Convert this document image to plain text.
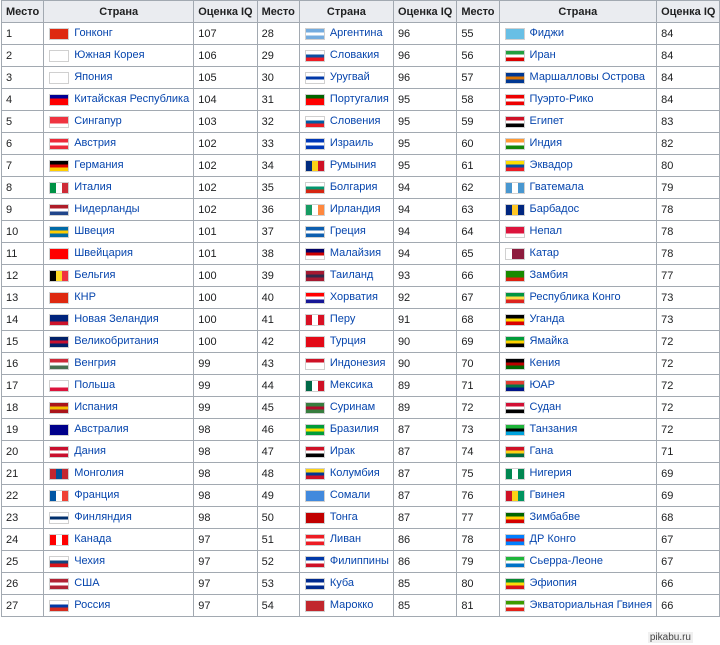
Место	Страна	Оценка IQ	Место	Страна	Оценка IQ	Место	Страна	Оценка IQ
1	Гонконг	107	28	Аргентина	96	55	Фиджи	84
2	Южная Корея	106	29	Словакия	96	56	Иран	84
3	Япония	105	30	Уругвай	96	57	Маршалловы Острова	84
4	Китайская Республика	104	31	Португалия	95	58	Пуэрто-Рико	84
5	Сингапур	103	32	Словения	95	59	Египет	83
6	Австрия	102	33	Израиль	95	60	Индия	82
7	Германия	102	34	Румыния	95	61	Эквадор	80
8	Италия	102	35	Болгария	94	62	Гватемала	79
9	Нидерланды	102	36	Ирландия	94	63	Барбадос	78
10	Швеция	101	37	Греция	94	64	Непал	78
11	Швейцария	101	38	Малайзия	94	65	Катар	78
12	Бельгия	100	39	Таиланд	93	66	Замбия	77
13	КНР	100	40	Хорватия	92	67	Республика Конго	73
14	Новая Зеландия	100	41	Перу	91	68	Уганда	73
15	Великобритания	100	42	Турция	90	69	Ямайка	72
16	Венгрия	99	43	Индонезия	90	70	Кения	72
17	Польша	99	44	Мексика	89	71	ЮАР	72
18	Испания	99	45	Суринам	89	72	Судан	72
19	Австралия	98	46	Бразилия	87	73	Танзания	72
20	Дания	98	47	Ирак	87	74	Гана	71
21	Монголия	98	48	Колумбия	87	75	Нигерия	69
22	Франция	98	49	Сомали	87	76	Гвинея	69
23	Финляндия	98	50	Тонга	87	77	Зимбабве	68
24	Канада	97	51	Ливан	86	78	ДР Конго	67
25	Чехия	97	52	Филиппины	86	79	Сьерра-Леоне	67
26	США	97	53	Куба	85	80	Эфиопия	66
27	Россия	97	54	Марокко	85	81	Экваториальная Гвинея	66
pikabu.ru
